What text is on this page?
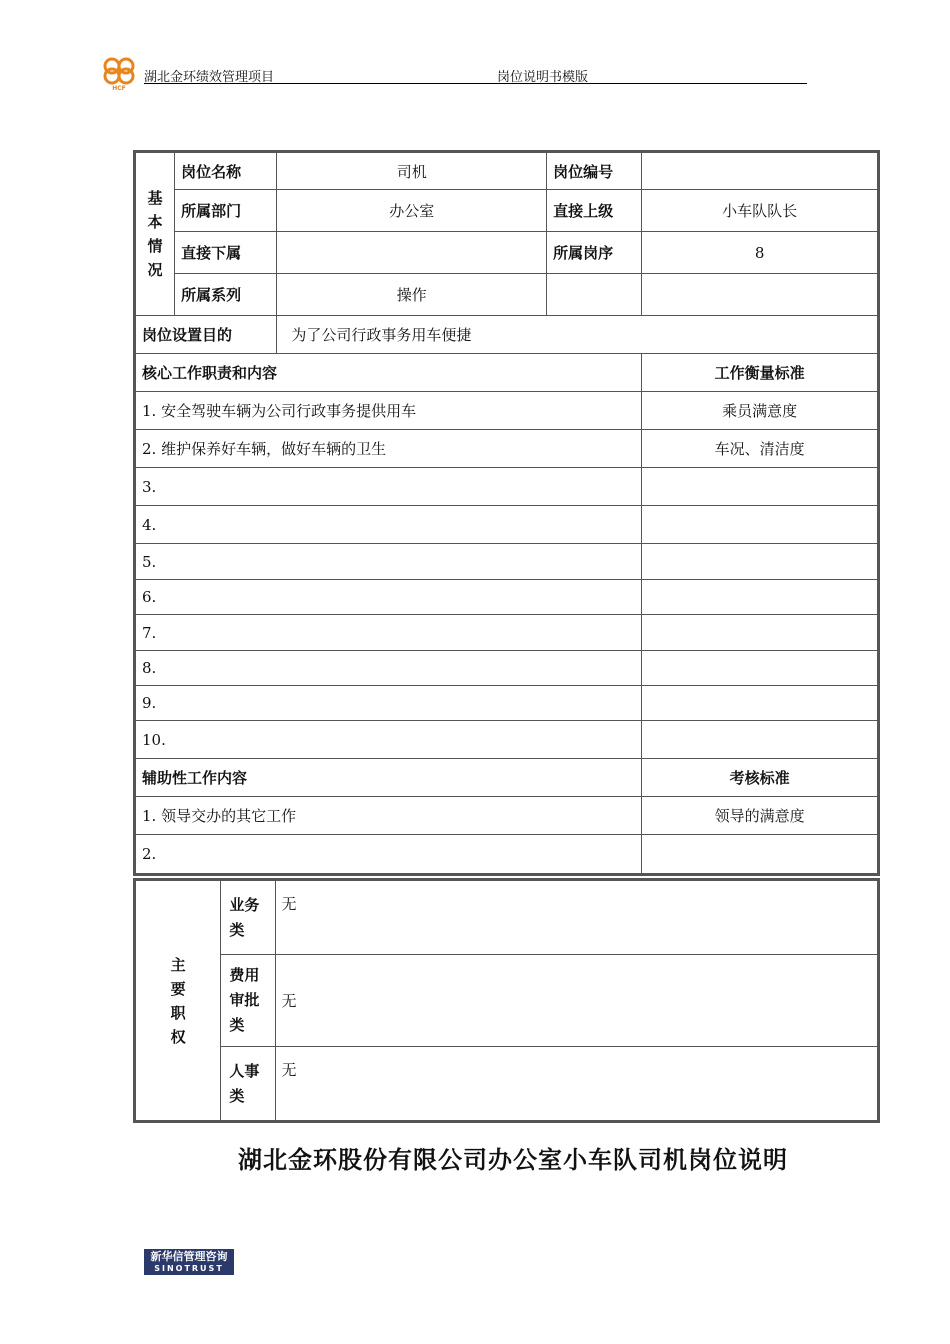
HCF
湖北金环绩效管理项目	岗位说明书模版
基本情况	岗位名称	司机	岗位编号	
	所属部门	办公室	直接上级	小车队队长
	直接下属		所属岗序	8
	所属系列	操作		
岗位设置目的		为了公司行政事务用车便捷		
核心工作职责和内容				工作衡量标准
1. 安全驾驶车辆为公司行政事务提供用车				乘员满意度
2. 维护保养好车辆，做好车辆的卫生				车况、清洁度
3.				
4.				
5.				
6.				
7.				
8.				
9.				
10.				
辅助性工作内容				考核标准
1. 领导交办的其它工作				领导的满意度
2.				
主要职权	业务类	无
	费用审批类	无
	人事类	无
湖北金环股份有限公司办公室小车队司机岗位说明
新华信管理咨询
SINOTRUST
